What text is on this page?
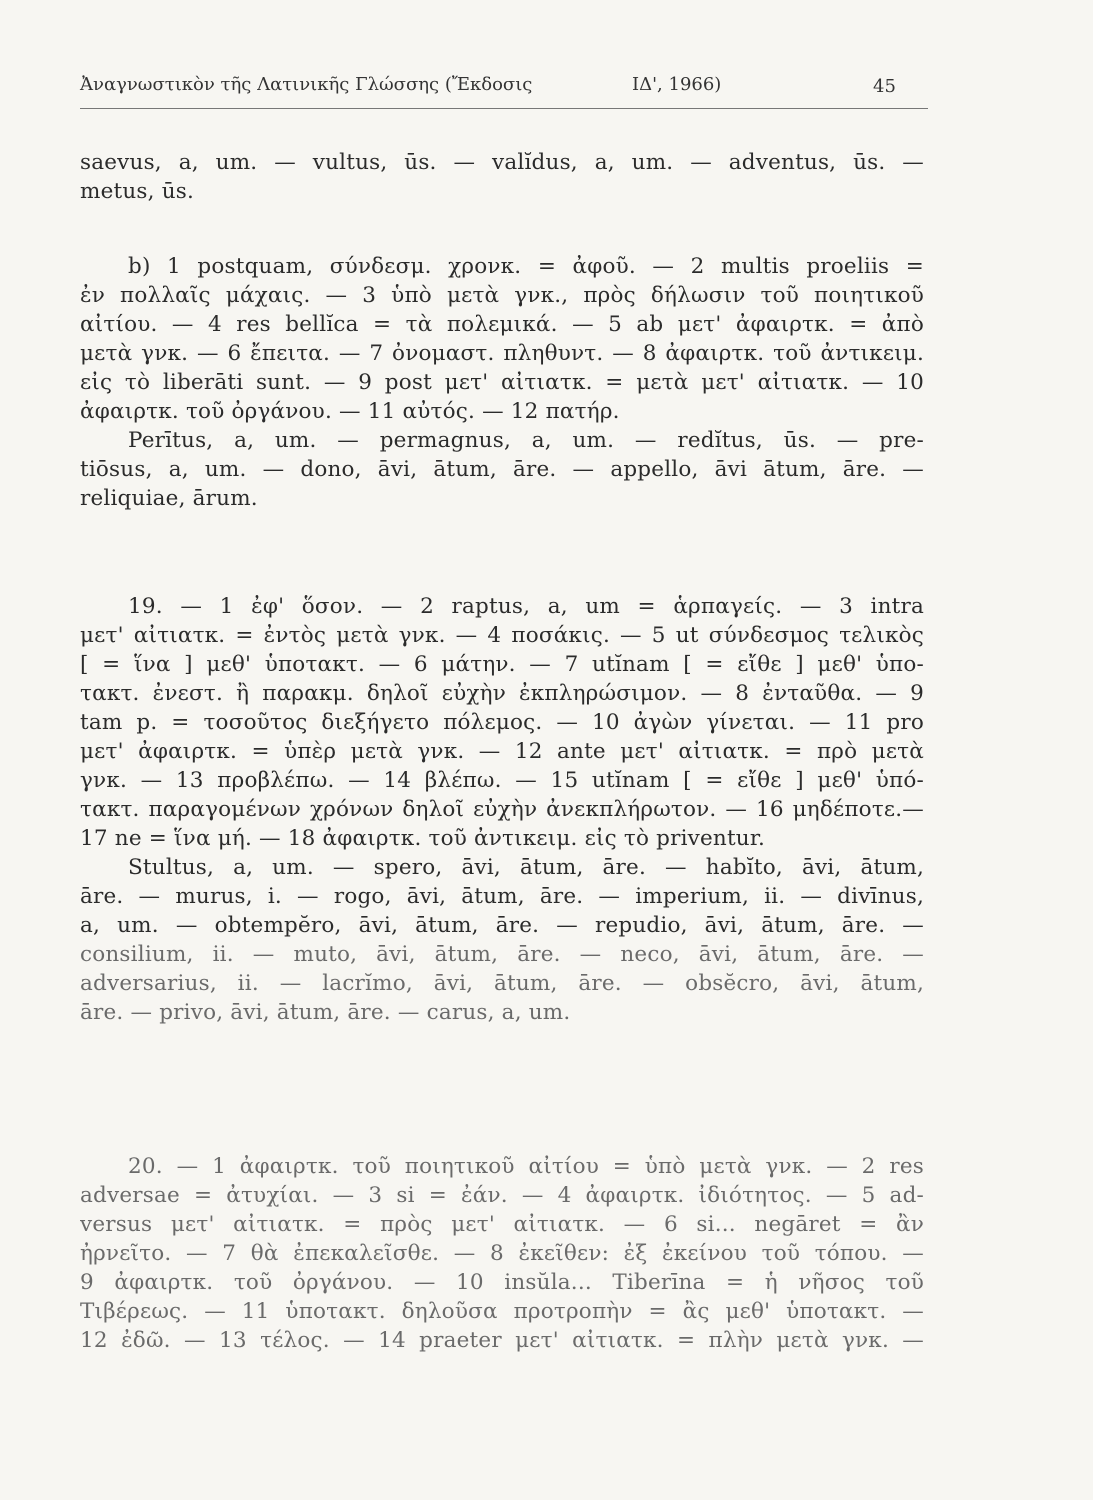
Ἀναγνωστικὸν τῆς Λατινικῆς Γλώσσης (Ἔκδοσις	ΙΔ', 1966)	45
saevus, a, um. — vultus, ūs. — valĭdus, a, um. — adventus, ūs. —
metus, ūs.
b) 1 postquam, σύνδεσμ. χρονκ. = ἀφοῦ. — 2 multis proeliis =
ἐν πολλαῖς μάχαις. — 3 ὑπὸ μετὰ γνκ., πρὸς δήλωσιν τοῦ ποιητικοῦ
αἰτίου. — 4 res bellĭca = τὰ πολεμικά. — 5 ab μετ' ἀφαιρτκ. = ἀπὸ
μετὰ γνκ. — 6 ἔπειτα. — 7 ὀνομαστ. πληθυντ. — 8 ἀφαιρτκ. τοῦ ἀντικειμ.
εἰς τὸ liberāti sunt. — 9 post μετ' αἰτιατκ. = μετὰ μετ' αἰτιατκ. — 10
ἀφαιρτκ. τοῦ ὀργάνου. — 11 αὐτός. — 12 πατήρ.
Perītus, a, um. — permagnus, a, um. — redĭtus, ūs. — pre-
tiōsus, a, um. — dono, āvi, ātum, āre. — appello, āvi ātum, āre. —
reliquiae, ārum.
19. — 1 ἐφ' ὅσον. — 2 raptus, a, um = ἁρπαγείς. — 3 intra
μετ' αἰτιατκ. = ἐντὸς μετὰ γνκ. — 4 ποσάκις. — 5 ut σύνδεσμος τελικὸς
[ = ἵνα ] μεθ' ὑποτακτ. — 6 μάτην. — 7 utĭnam [ = εἴθε ] μεθ' ὑπο-
τακτ. ἐνεστ. ἢ παρακμ. δηλοῖ εὐχὴν ἐκπληρώσιμον. — 8 ἐνταῦθα. — 9
tam p. = τοσοῦτος διεξήγετο πόλεμος. — 10 ἀγὼν γίνεται. — 11 pro
μετ' ἀφαιρτκ. = ὑπὲρ μετὰ γνκ. — 12 ante μετ' αἰτιατκ. = πρὸ μετὰ
γνκ. — 13 προβλέπω. — 14 βλέπω. — 15 utĭnam [ = εἴθε ] μεθ' ὑπό-
τακτ. παραγομένων χρόνων δηλοῖ εὐχὴν ἀνεκπλήρωτον. — 16 μηδέποτε.—
17 ne = ἵνα μή. — 18 ἀφαιρτκ. τοῦ ἀντικειμ. εἰς τὸ priventur.
Stultus, a, um. — spero, āvi, ātum, āre. — habĭto, āvi, ātum,
āre. — murus, i. — rogo, āvi, ātum, āre. — imperium, ii. — divīnus,
a, um. — obtempĕro, āvi, ātum, āre. — repudio, āvi, ātum, āre. —
consilium, ii. — muto, āvi, ātum, āre. — neco, āvi, ātum, āre. —
adversarius, ii. — lacrĭmo, āvi, ātum, āre. — obsĕcro, āvi, ātum,
āre. — privo, āvi, ātum, āre. — carus, a, um.
20. — 1 ἀφαιρτκ. τοῦ ποιητικοῦ αἰτίου = ὑπὸ μετὰ γνκ. — 2 res
adversae = ἀτυχίαι. — 3 si = ἐάν. — 4 ἀφαιρτκ. ἰδιότητος. — 5 ad-
versus μετ' αἰτιατκ. = πρὸς μετ' αἰτιατκ. — 6 si... negāret = ἂν
ἠρνεῖτο. — 7 θὰ ἐπεκαλεῖσθε. — 8 ἐκεῖθεν: ἐξ ἐκείνου τοῦ τόπου. —
9 ἀφαιρτκ. τοῦ ὀργάνου. — 10 insŭla... Tiberīna = ἡ νῆσος τοῦ
Τιβέρεως. — 11 ὑποτακτ. δηλοῦσα προτροπὴν = ἂς μεθ' ὑποτακτ. —
12 ἐδῶ. — 13 τέλος. — 14 praeter μετ' αἰτιατκ. = πλὴν μετὰ γνκ. —
